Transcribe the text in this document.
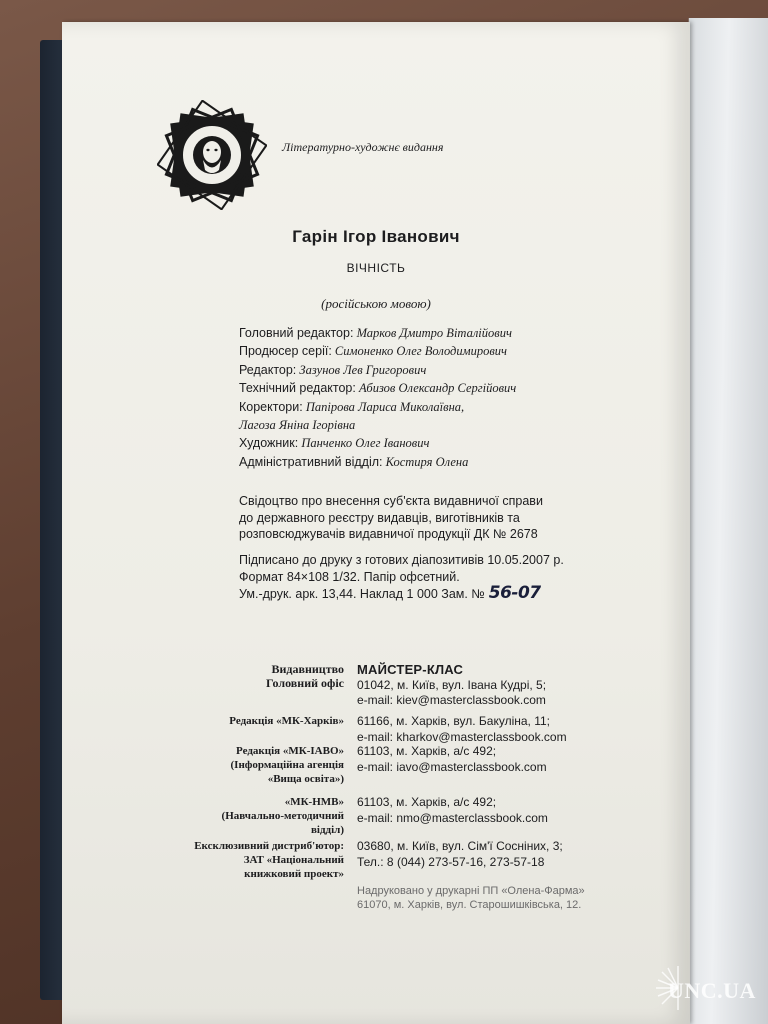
Літературно-художнє видання
Гарін Ігор Іванович
ВІЧНІСТЬ
(російською мовою)
Головний редактор: Марков Дмитро Віталійович
Продюсер серії: Симоненко Олег Володимирович
Редактор: Зазунов Лев Григорович
Технічний редактор: Абизов Олександр Сергійович
Коректори: Папірова Лариса Миколаївна,
Лагоза Яніна Ігорівна
Художник: Панченко Олег Іванович
Адміністративний відділ: Костиря Олена
Свідоцтво про внесення суб'єкта видавничої справи
до державного реєстру видавців, виготівників та
розповсюджувачів видавничої продукції ДК № 2678
Підписано до друку з готових діапозитивів 10.05.2007 р.
Формат 84×108 1/32. Папір офсетний.
Ум.-друк. арк. 13,44. Наклад 1 000 Зам. № 56-07
Видавництво
Головний офіс
МАЙСТЕР-КЛАС
01042, м. Київ, вул. Івана Кудрі, 5;
e-mail: kiev@masterclassbook.com
Редакція «МК-Харків» 61166, м. Харків, вул. Бакуліна, 11;
e-mail: kharkov@masterclassbook.com
Редакція «МК-ІАВО»
(Інформаційна агенція
«Вища освіта»)
61103, м. Харків, а/с 492;
e-mail: iavo@masterclassbook.com
«МК-НМВ»
(Навчально-методичний
відділ)
61103, м. Харків, а/с 492;
e-mail: nmo@masterclassbook.com
Ексклюзивний дистриб'ютор:
ЗАТ «Національний
книжковий проект»
03680, м. Київ, вул. Сім'ї Сосніних, 3;
Тел.: 8 (044) 273-57-16, 273-57-18
Надруковано у друкарні ПП «Олена-Фарма»
61070, м. Харків, вул. Старошишківська, 12.
UNC.UA
